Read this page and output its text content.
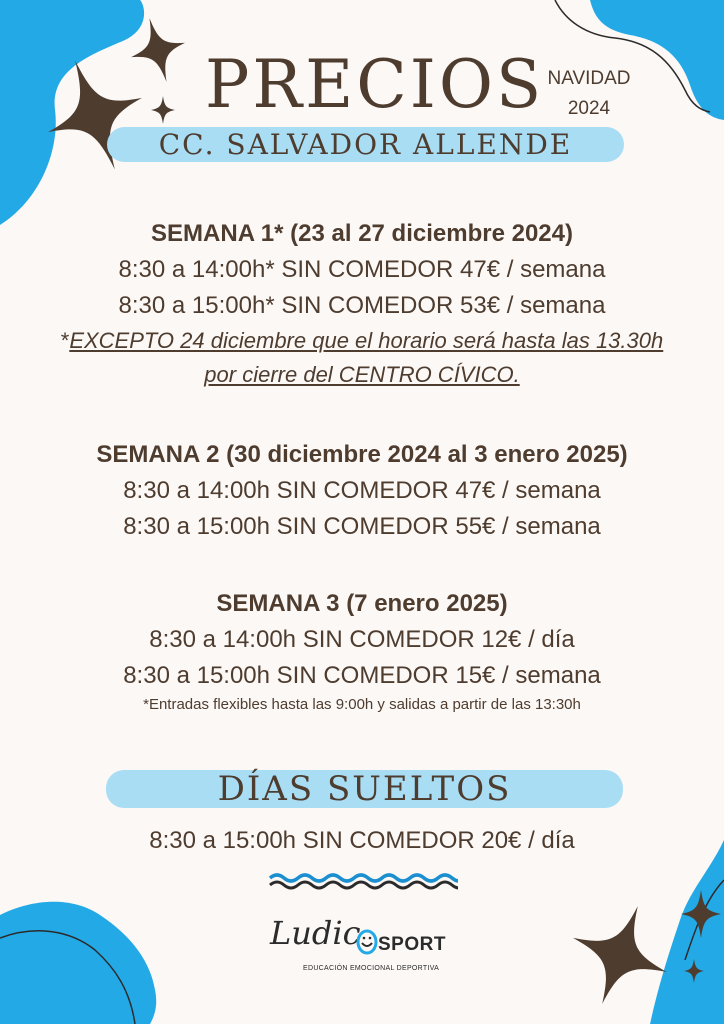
PRECIOS NAVIDAD
2024
CC. SALVADOR ALLENDE
SEMANA 1* (23 al 27 diciembre 2024)
8:30 a 14:00h* SIN COMEDOR 47€ / semana
8:30 a 15:00h* SIN COMEDOR 53€ / semana
*EXCEPTO 24 diciembre que el horario será hasta las 13.30h
por cierre del CENTRO CÍVICO.
SEMANA 2 (30 diciembre 2024 al 3 enero 2025)
8:30 a 14:00h SIN COMEDOR 47€ / semana
8:30 a 15:00h SIN COMEDOR 55€ / semana
SEMANA 3 (7 enero 2025)
8:30 a 14:00h SIN COMEDOR 12€ / día
8:30 a 15:00h SIN COMEDOR 15€ / semana
*Entradas flexibles hasta las 9:00h y salidas a partir de las 13:30h
DÍAS SUELTOS
8:30 a 15:00h SIN COMEDOR 20€ / día
Ludic SPORT
EDUCACIÓN EMOCIONAL DEPORTIVA
